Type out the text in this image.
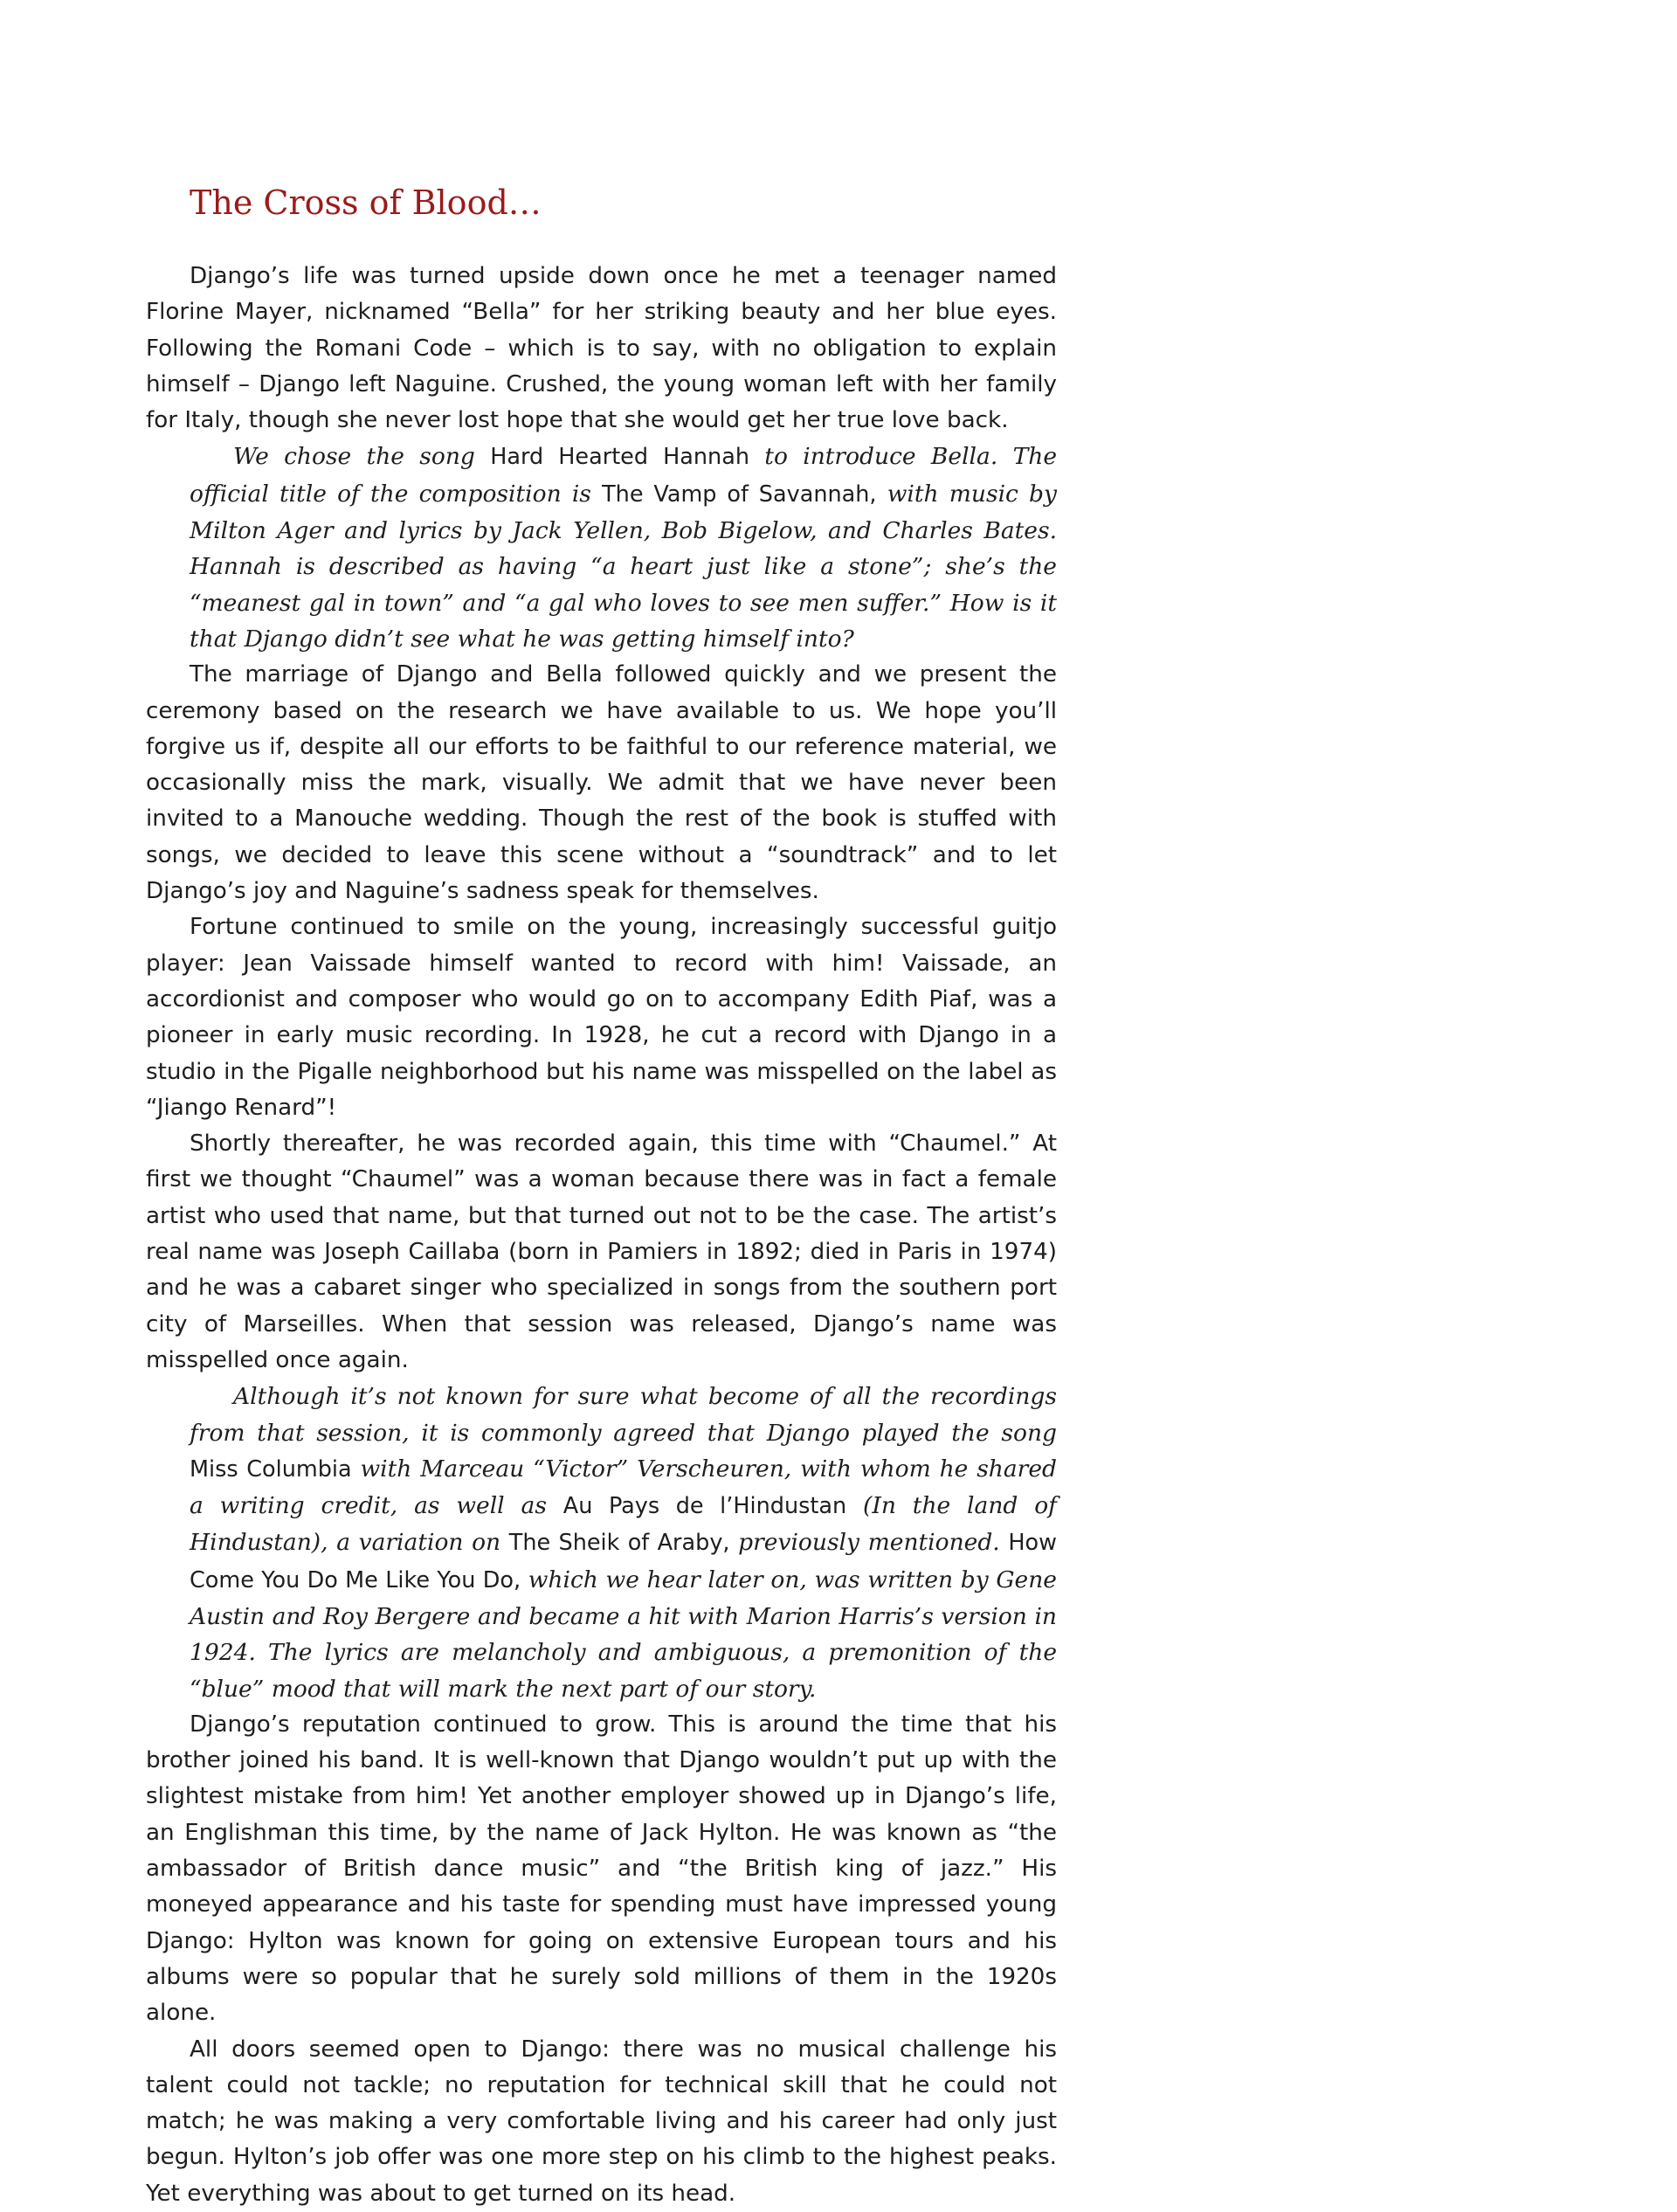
The Cross of Blood…

Django’s life was turned upside down once he met a teenager named Florine Mayer, nicknamed “Bella” for her striking beauty and her blue eyes. Following the Romani Code – which is to say, with no obligation to explain himself – Django left Naguine. Crushed, the young woman left with her family for Italy, though she never lost hope that she would get her true love back.

We chose the song Hard Hearted Hannah to introduce Bella. The official title of the composition is The Vamp of Savannah, with music by Milton Ager and lyrics by Jack Yellen, Bob Bigelow, and Charles Bates. Hannah is described as having “a heart just like a stone”; she’s the “meanest gal in town” and “a gal who loves to see men suffer.” How is it that Django didn’t see what he was getting himself into?

The marriage of Django and Bella followed quickly and we present the ceremony based on the research we have available to us. We hope you’ll forgive us if, despite all our efforts to be faithful to our reference material, we occasionally miss the mark, visually. We admit that we have never been invited to a Manouche wedding. Though the rest of the book is stuffed with songs, we decided to leave this scene without a “soundtrack” and to let Django’s joy and Naguine’s sadness speak for themselves.

Fortune continued to smile on the young, increasingly successful guitjo player: Jean Vaissade himself wanted to record with him! Vaissade, an accordionist and composer who would go on to accompany Edith Piaf, was a pioneer in early music recording. In 1928, he cut a record with Django in a studio in the Pigalle neighborhood but his name was misspelled on the label as “Jiango Renard”!

Shortly thereafter, he was recorded again, this time with “Chaumel.” At first we thought “Chaumel” was a woman because there was in fact a female artist who used that name, but that turned out not to be the case. The artist’s real name was Joseph Caillaba (born in Pamiers in 1892; died in Paris in 1974) and he was a cabaret singer who specialized in songs from the southern port city of Marseilles. When that session was released, Django’s name was misspelled once again.

Although it’s not known for sure what become of all the recordings from that session, it is commonly agreed that Django played the song Miss Columbia with Marceau “Victor” Verscheuren, with whom he shared a writing credit, as well as Au Pays de l’Hindustan (In the land of Hindustan), a variation on The Sheik of Araby, previously mentioned. How Come You Do Me Like You Do, which we hear later on, was written by Gene Austin and Roy Bergere and became a hit with Marion Harris’s version in 1924. The lyrics are melancholy and ambiguous, a premonition of the “blue” mood that will mark the next part of our story.

Django’s reputation continued to grow. This is around the time that his brother joined his band. It is well-known that Django wouldn’t put up with the slightest mistake from him! Yet another employer showed up in Django’s life, an Englishman this time, by the name of Jack Hylton. He was known as “the ambassador of British dance music” and “the British king of jazz.” His moneyed appearance and his taste for spending must have impressed young Django: Hylton was known for going on extensive European tours and his albums were so popular that he surely sold millions of them in the 1920s alone.

All doors seemed open to Django: there was no musical challenge his talent could not tackle; no reputation for technical skill that he could not match; he was making a very comfortable living and his career had only just begun. Hylton’s job offer was one more step on his climb to the highest peaks. Yet everything was about to get turned on its head.
